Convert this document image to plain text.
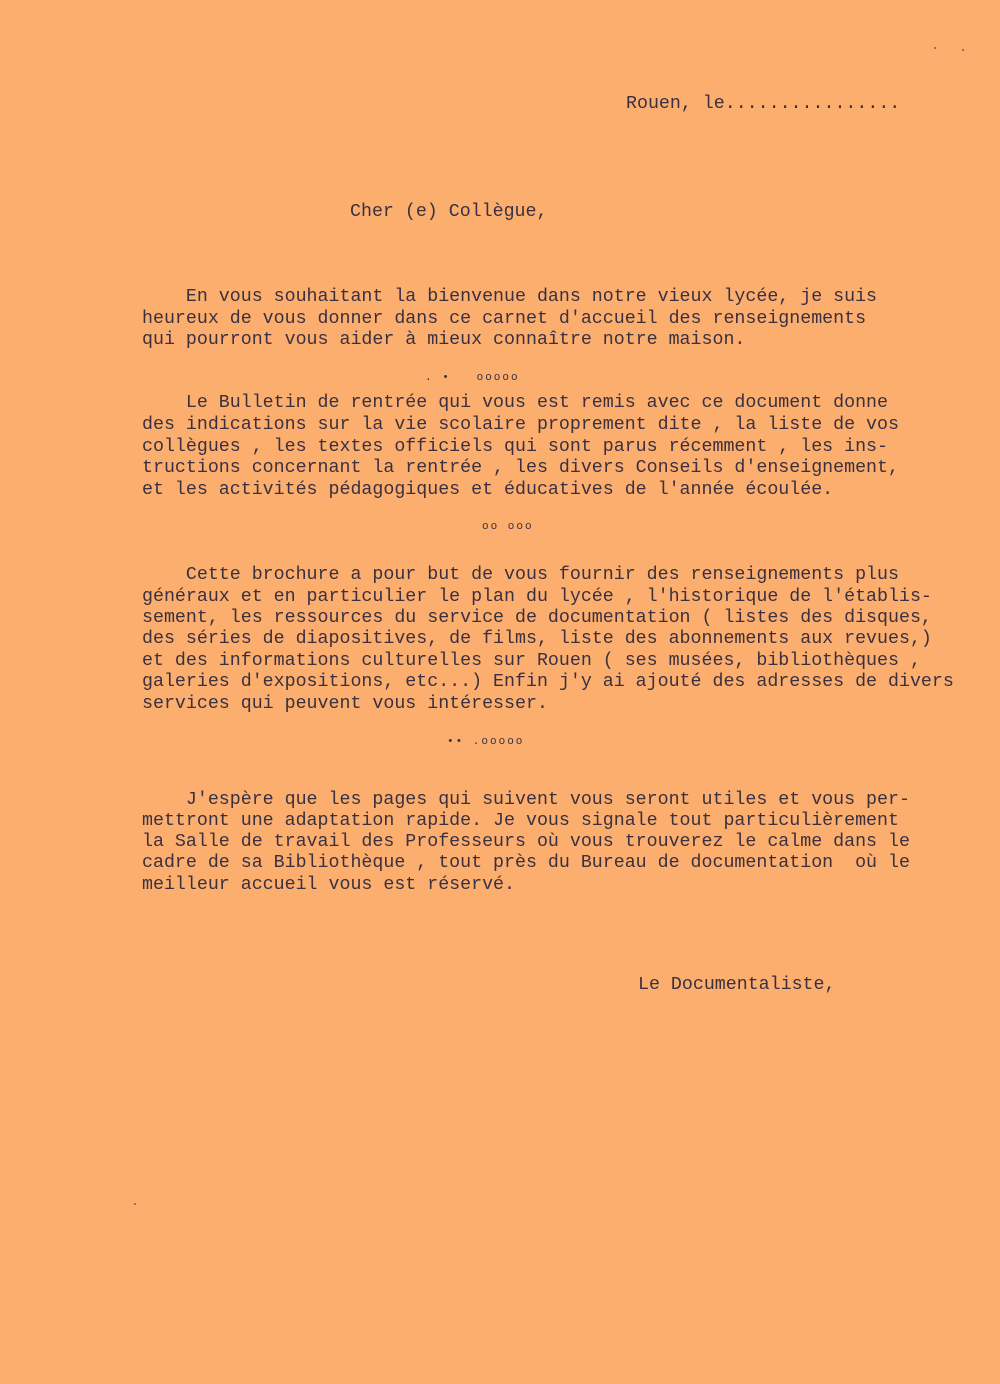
Rouen, le................
Cher (e) Collègue,
En vous souhaitant la bienvenue dans notre vieux lycée, je suis
heureux de vous donner dans ce carnet d'accueil des renseignements
qui pourront vous aider à mieux connaître notre maison.
. •   ooooo
Le Bulletin de rentrée qui vous est remis avec ce document donne
des indications sur la vie scolaire proprement dite , la liste de vos
collègues , les textes officiels qui sont parus récemment , les ins-
tructions concernant la rentrée , les divers Conseils d'enseignement,
et les activités pédagogiques et éducatives de l'année écoulée.
oo ooo
Cette brochure a pour but de vous fournir des renseignements plus
généraux et en particulier le plan du lycée , l'historique de l'établis-
sement, les ressources du service de documentation ( listes des disques,
des séries de diapositives, de films, liste des abonnements aux revues,)
et des informations culturelles sur Rouen ( ses musées, bibliothèques ,
galeries d'expositions, etc...) Enfin j'y ai ajouté des adresses de divers
services qui peuvent vous intéresser.
•• .ooooo
J'espère que les pages qui suivent vous seront utiles et vous per-
mettront une adaptation rapide. Je vous signale tout particulièrement
la Salle de travail des Professeurs où vous trouverez le calme dans le
cadre de sa Bibliothèque , tout près du Bureau de documentation  où le
meilleur accueil vous est réservé.
Le Documentaliste,
